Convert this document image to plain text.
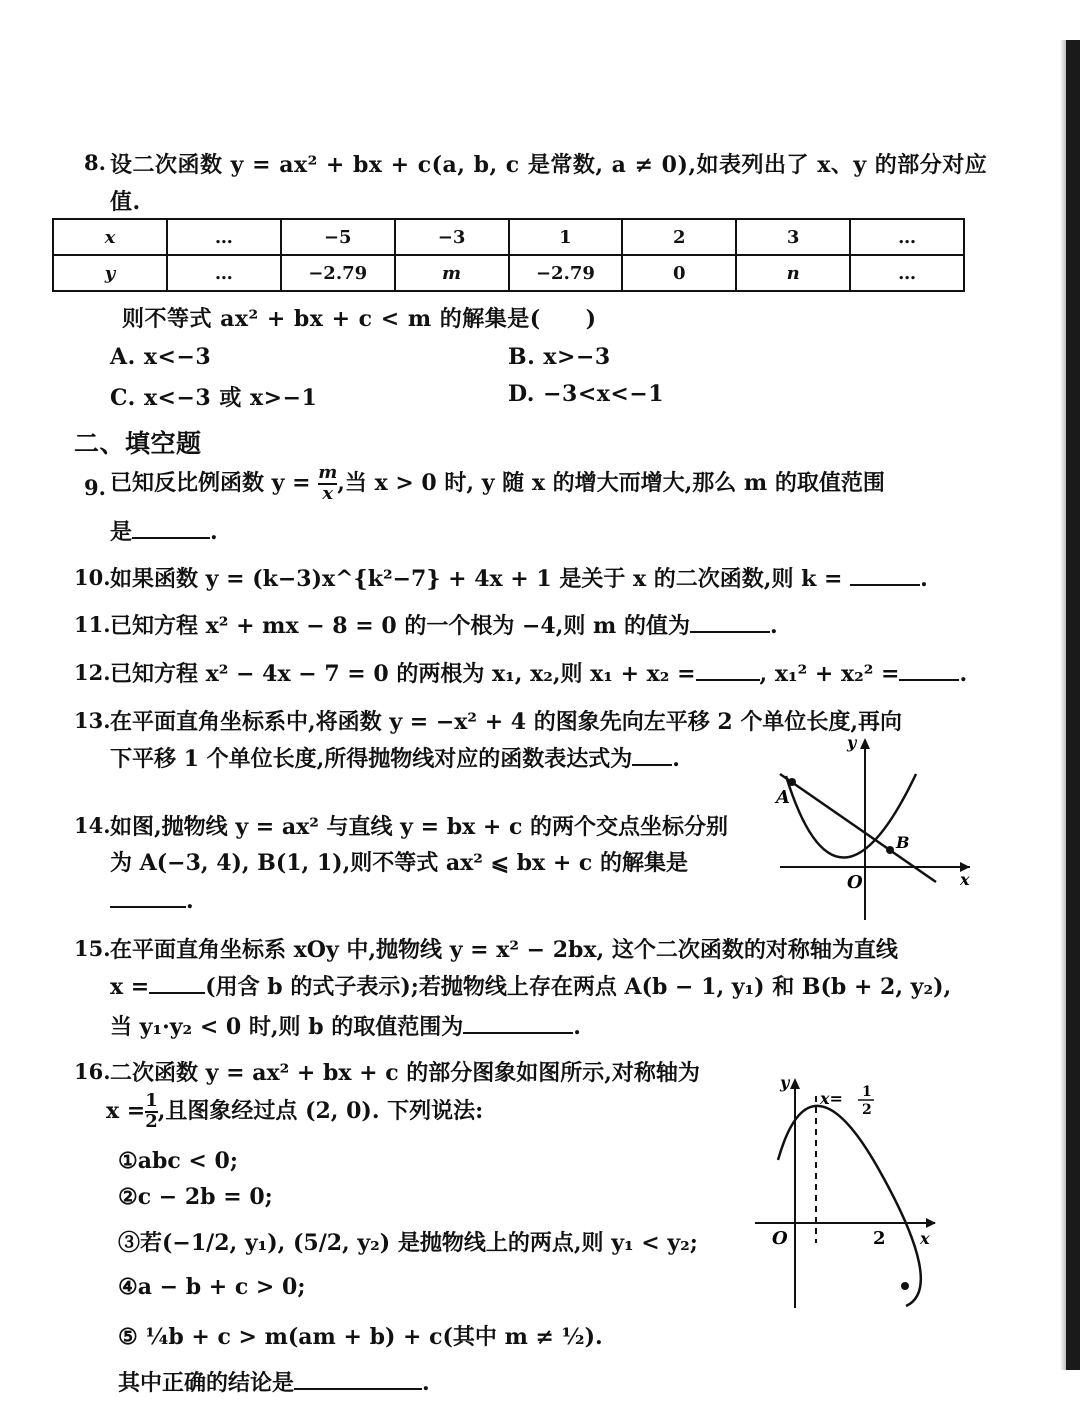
8. 设二次函数 y = ax² + bx + c(a, b, c 是常数, a ≠ 0),如表列出了 x、y 的部分对应
值.
x	…	−5	−3	1	2	3	…
y	…	−2.79	m	−2.79	0	n	…
则不等式 ax² + bx + c < m 的解集是(　　)
A. x<−3	B. x>−3
C. x<−3 或 x>−1	D. −3<x<−1
二、填空题
9. 已知反比例函数 $y = \frac{m}{x}$ ,当 x > 0 时, y 随 x 的增大而增大,那么 m 的取值范围
是	.
10. 如果函数 y = (k−3)x^{k²−7} + 4x + 1 是关于 x 的二次函数,则 k =	.
11. 已知方程 x² + mx − 8 = 0 的一个根为 −4,则 m 的值为	.
12. 已知方程 x² − 4x − 7 = 0 的两根为 x₁, x₂,则 x₁ + x₂ =	, x₁² + x₂² =	.
13. 在平面直角坐标系中,将函数 y = −x² + 4 的图象先向左平移 2 个单位长度,再向
下平移 1 个单位长度,所得抛物线对应的函数表达式为 .
14. 如图,抛物线 y = ax² 与直线 y = bx + c 的两个交点坐标分别
为 A(−3, 4), B(1, 1),则不等式 ax² ⩽ bx + c 的解集是
.
y
x
O
A
B
15. 在平面直角坐标系 xOy 中,抛物线 y = x² − 2bx, 这个二次函数的对称轴为直线
x =	(用含 b 的式子表示);若抛物线上存在两点 A(b − 1, y₁) 和 B(b + 2, y₂),
当 y₁·y₂ < 0 时,则 b 的取值范围为	.
16. 二次函数 y = ax² + bx + c 的部分图象如图所示,对称轴为
$x = \frac{1}{2}$ ,且图象经过点 (2, 0). 下列说法:
①abc < 0;
②c − 2b = 0;
③若(−1/2, y₁), (5/2, y₂) 是抛物线上的两点,则 y₁ < y₂;
④a − b + c > 0;
⑤ ¼b + c > m(am + b) + c(其中 m ≠ ½).
其中正确的结论是	.
y
x
O	2
x= 1
2
